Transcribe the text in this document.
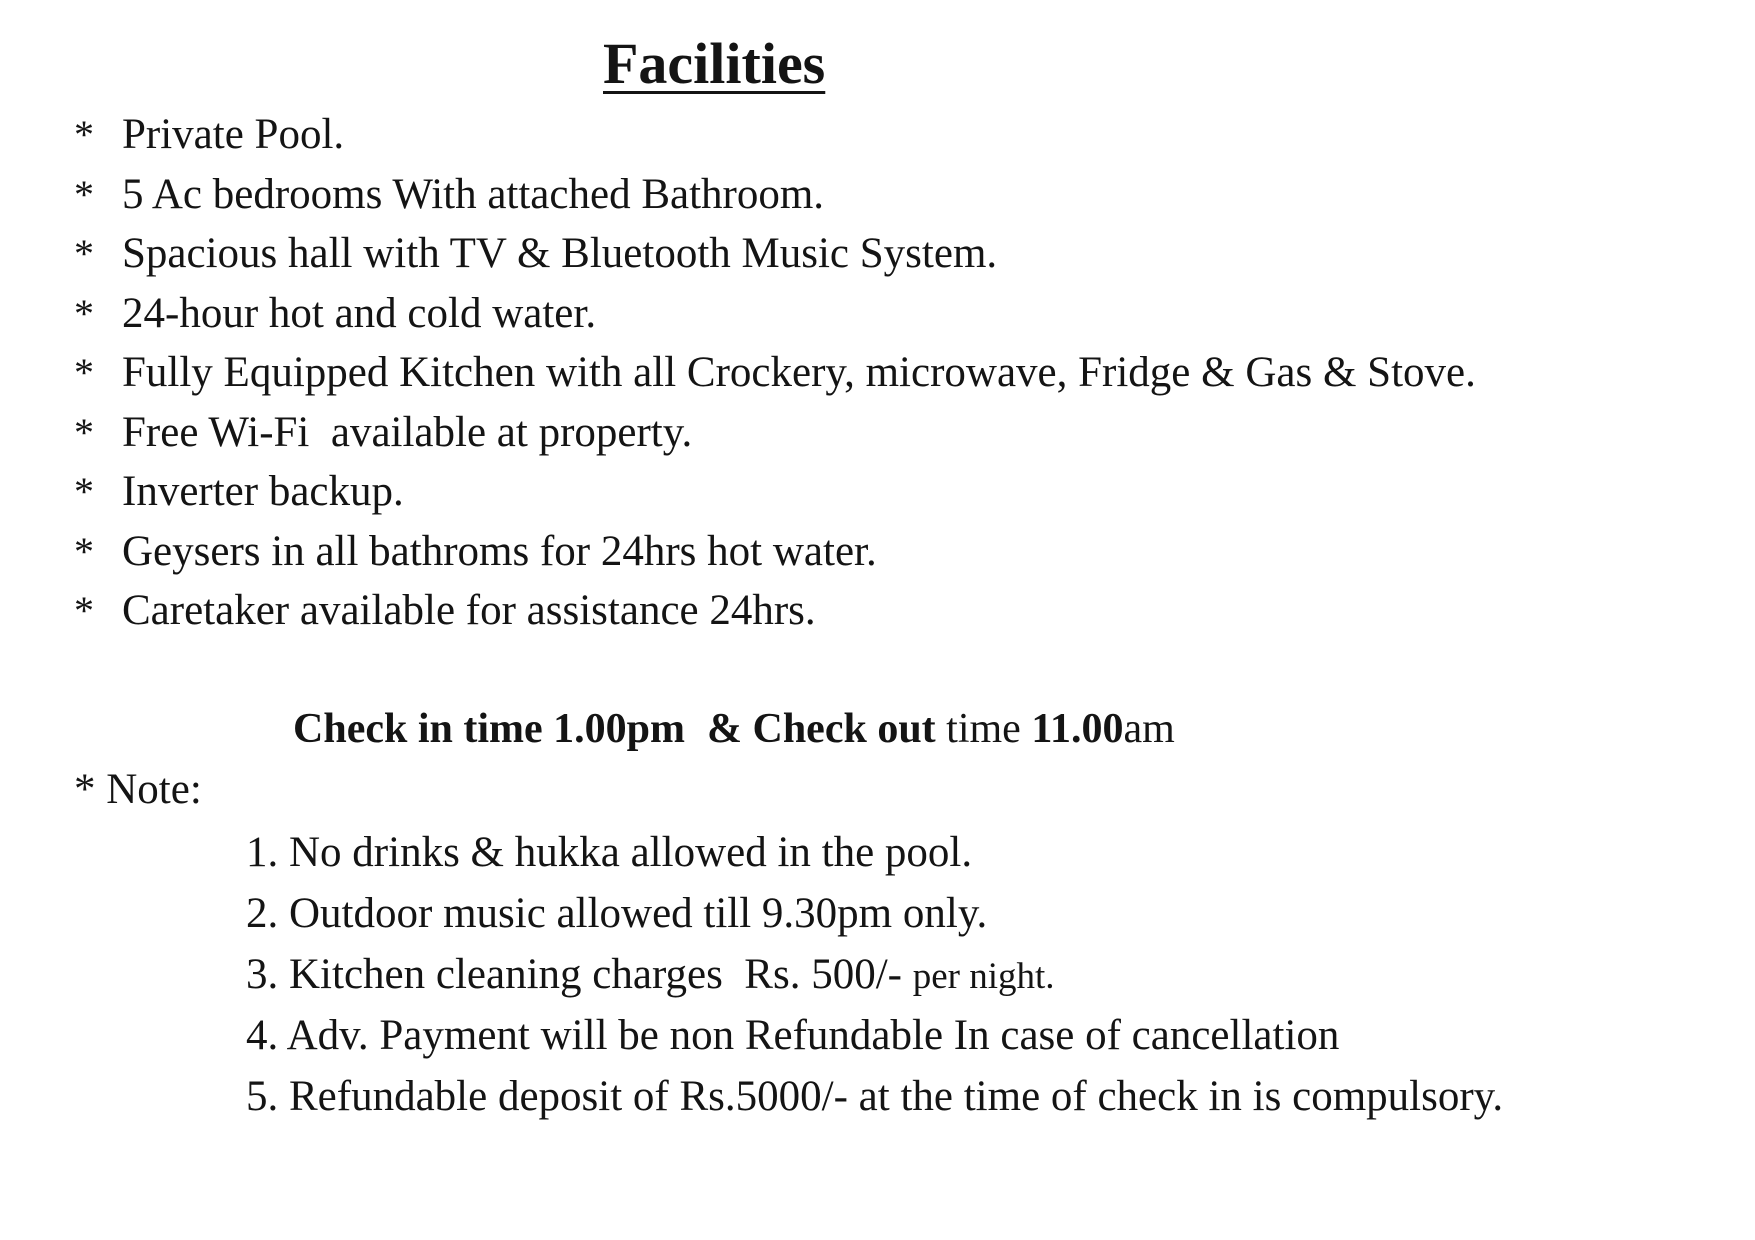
Facilities
* Private Pool.
* 5 Ac bedrooms With attached Bathroom.
* Spacious hall with TV & Bluetooth Music System.
* 24-hour hot and cold water.
* Fully Equipped Kitchen with all Crockery, microwave, Fridge & Gas & Stove.
* Free Wi-Fi  available at property.
* Inverter backup.
* Geysers in all bathroms for 24hrs hot water.
* Caretaker available for assistance 24hrs.

Check in time 1.00pm & Check out time 11.00am

* Note:

1. No drinks & hukka allowed in the pool.
2. Outdoor music allowed till 9.30pm only.
3. Kitchen cleaning charges  Rs. 500/- per night.
4. Adv. Payment will be non Refundable In case of cancellation
5. Refundable deposit of Rs.5000/- at the time of check in is compulsory.
